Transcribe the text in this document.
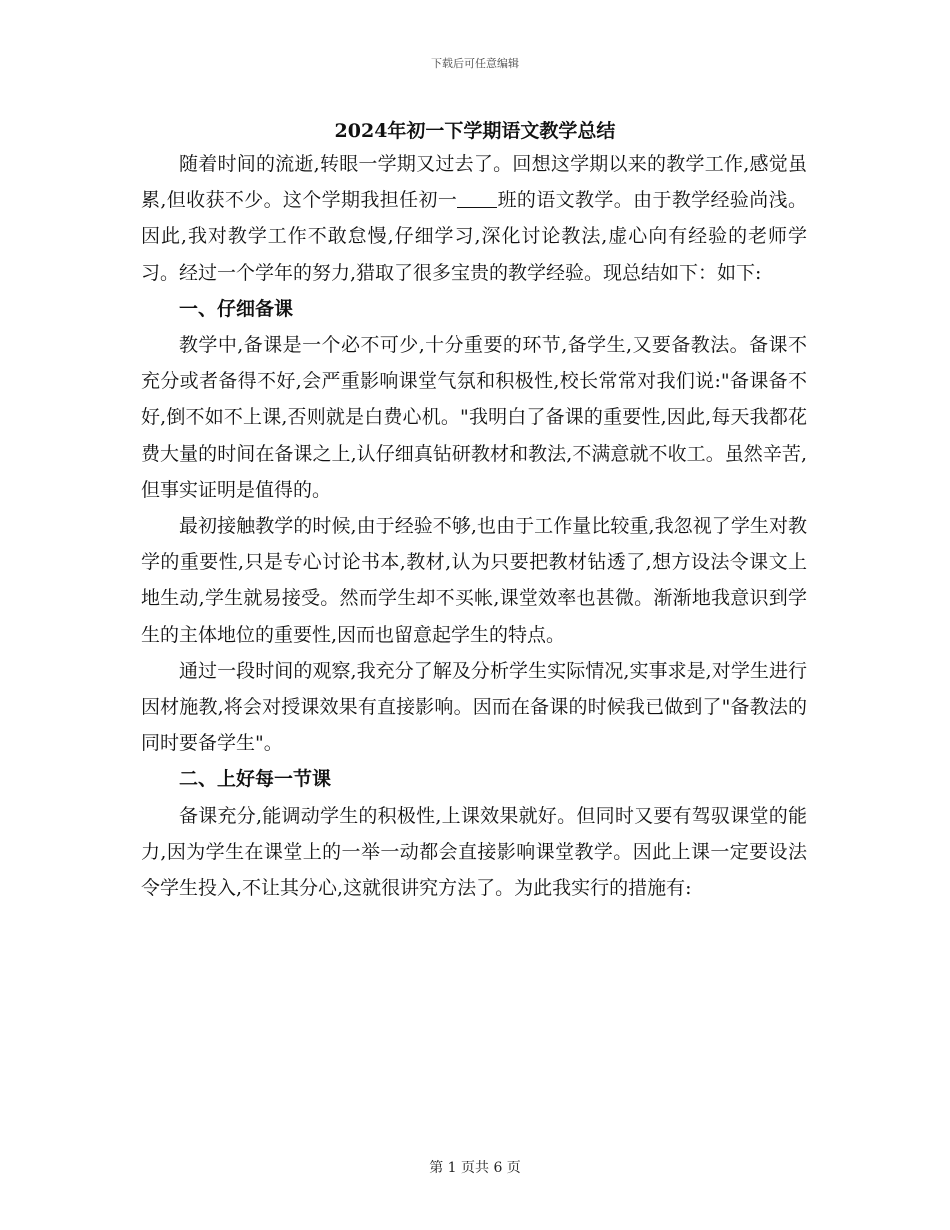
下载后可任意编辑
2024年初一下学期语文教学总结

随着时间的流逝,转眼一学期又过去了。回想这学期以来的教学工作,感觉虽累,但收获不少。这个学期我担任初一 班的语文教学。由于教学经验尚浅。因此,我对教学工作不敢怠慢,仔细学习,深化讨论教法,虚心向有经验的老师学习。经过一个学年的努力,猎取了很多宝贵的教学经验。现总结如下：如下:

一、仔细备课

教学中,备课是一个必不可少,十分重要的环节,备学生,又要备教法。备课不充分或者备得不好,会严重影响课堂气氛和积极性,校长常常对我们说:"备课备不好,倒不如不上课,否则就是白费心机。"我明白了备课的重要性,因此,每天我都花费大量的时间在备课之上,认仔细真钻研教材和教法,不满意就不收工。虽然辛苦,但事实证明是值得的。

最初接触教学的时候,由于经验不够,也由于工作量比较重,我忽视了学生对教学的重要性,只是专心讨论书本,教材,认为只要把教材钻透了,想方设法令课文上地生动,学生就易接受。然而学生却不买帐,课堂效率也甚微。渐渐地我意识到学生的主体地位的重要性,因而也留意起学生的特点。

通过一段时间的观察,我充分了解及分析学生实际情况,实事求是,对学生进行因材施教,将会对授课效果有直接影响。因而在备课的时候我已做到了"备教法的同时要备学生"。

二、上好每一节课

备课充分,能调动学生的积极性,上课效果就好。但同时又要有驾驭课堂的能力,因为学生在课堂上的一举一动都会直接影响课堂教学。因此上课一定要设法令学生投入,不让其分心,这就很讲究方法了。为此我实行的措施有:

第 1 页共 6 页
